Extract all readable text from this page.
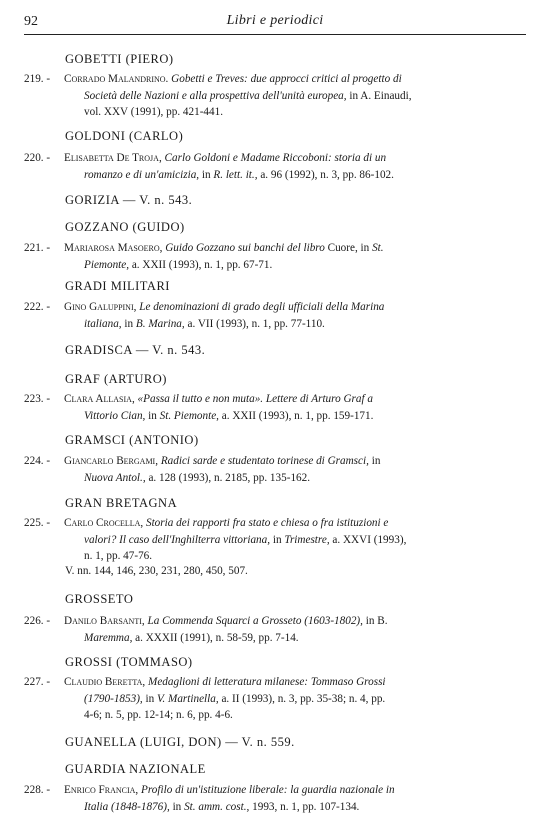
92	Libri e periodici
GOBETTI (PIERO)
219. -	Corrado Malandrino. Gobetti e Treves: due approcci critici al progetto di
Società delle Nazioni e alla prospettiva dell'unità europea, in A. Einaudi,
vol. XXV (1991), pp. 421-441.
GOLDONI (CARLO)
220. -	Elisabetta De Troja, Carlo Goldoni e Madame Riccoboni: storia di un
romanzo e di un'amicizia, in R. lett. it., a. 96 (1992), n. 3, pp. 86-102.
GORIZIA — V. n. 543.
GOZZANO (GUIDO)
221. -	Mariarosa Masoero, Guido Gozzano sui banchi del libro Cuore, in St.
Piemonte, a. XXII (1993), n. 1, pp. 67-71.
GRADI MILITARI
222. -	Gino Galuppini, Le denominazioni di grado degli ufficiali della Marina
italiana, in B. Marina, a. VII (1993), n. 1, pp. 77-110.
GRADISCA — V. n. 543.
GRAF (ARTURO)
223. -	Clara Allasia, «Passa il tutto e non muta». Lettere di Arturo Graf a
Vittorio Cian, in St. Piemonte, a. XXII (1993), n. 1, pp. 159-171.
GRAMSCI (ANTONIO)
224. -	Giancarlo Bergami, Radici sarde e studentato torinese di Gramsci, in
Nuova Antol., a. 128 (1993), n. 2185, pp. 135-162.
GRAN BRETAGNA
225. -	Carlo Crocella, Storia dei rapporti fra stato e chiesa o fra istituzioni e
valori? Il caso dell'Inghilterra vittoriana, in Trimestre, a. XXVI (1993),
n. 1, pp. 47-76.
V. nn. 144, 146, 230, 231, 280, 450, 507.
GROSSETO
226. -	Danilo Barsanti, La Commenda Squarci a Grosseto (1603-1802), in B.
Maremma, a. XXXII (1991), n. 58-59, pp. 7-14.
GROSSI (TOMMASO)
227. -	Claudio Beretta, Medaglioni di letteratura milanese: Tommaso Grossi
(1790-1853), in V. Martinella, a. II (1993), n. 3, pp. 35-38; n. 4, pp.
4-6; n. 5, pp. 12-14; n. 6, pp. 4-6.
GUANELLA (LUIGI, DON) — V. n. 559.
GUARDIA NAZIONALE
228. -	Enrico Francia, Profilo di un'istituzione liberale: la guardia nazionale in
Italia (1848-1876), in St. amm. cost., 1993, n. 1, pp. 107-134.
